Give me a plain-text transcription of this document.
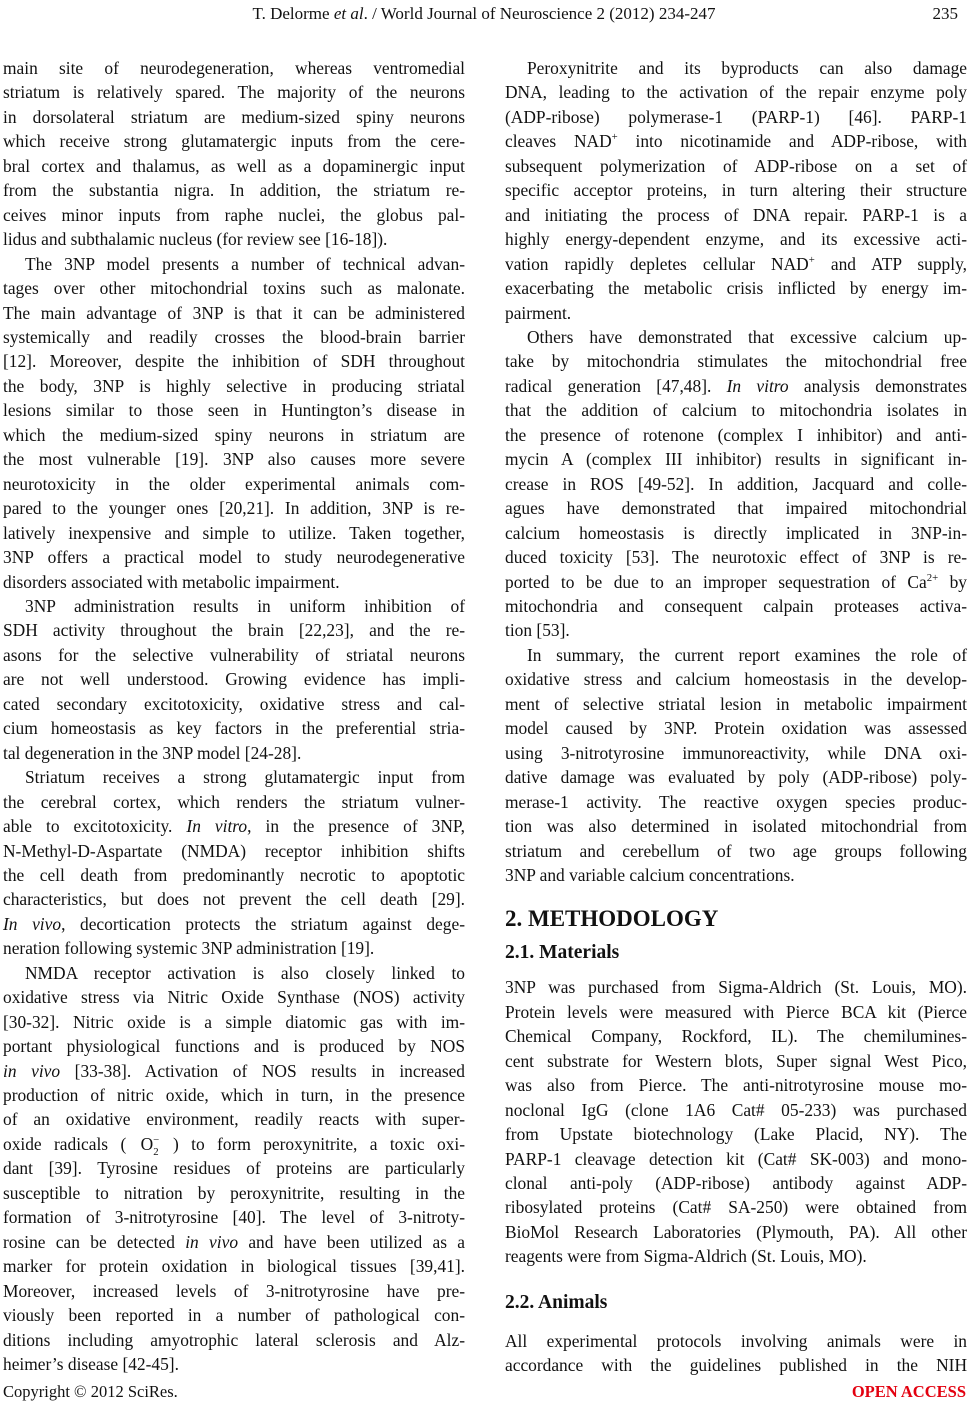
T. Delorme et al. / World Journal of Neuroscience 2 (2012) 234-247	235
main site of neurodegeneration, whereas ventromedial
striatum is relatively spared. The majority of the neurons
in dorsolateral striatum are medium-sized spiny neurons
which receive strong glutamatergic inputs from the cere-
bral cortex and thalamus, as well as a dopaminergic input
from the substantia nigra. In addition, the striatum re-
ceives minor inputs from raphe nuclei, the globus pal-
lidus and subthalamic nucleus (for review see [16-18]).
The 3NP model presents a number of technical advan-
tages over other mitochondrial toxins such as malonate.
The main advantage of 3NP is that it can be administered
systemically and readily crosses the blood-brain barrier
[12]. Moreover, despite the inhibition of SDH throughout
the body, 3NP is highly selective in producing striatal
lesions similar to those seen in Huntington’s disease in
which the medium-sized spiny neurons in striatum are
the most vulnerable [19]. 3NP also causes more severe
neurotoxicity in the older experimental animals com-
pared to the younger ones [20,21]. In addition, 3NP is re-
latively inexpensive and simple to utilize. Taken together,
3NP offers a practical model to study neurodegenerative
disorders associated with metabolic impairment.
3NP administration results in uniform inhibition of
SDH activity throughout the brain [22,23], and the re-
asons for the selective vulnerability of striatal neurons
are not well understood. Growing evidence has impli-
cated secondary excitotoxicity, oxidative stress and cal-
cium homeostasis as key factors in the preferential stria-
tal degeneration in the 3NP model [24-28].
Striatum receives a strong glutamatergic input from
the cerebral cortex, which renders the striatum vulner-
able to excitotoxicity. In vitro, in the presence of 3NP,
N-Methyl-D-Aspartate (NMDA) receptor inhibition shifts
the cell death from predominantly necrotic to apoptotic
characteristics, but does not prevent the cell death [29].
In vivo, decortication protects the striatum against dege-
neration following systemic 3NP administration [19].
NMDA receptor activation is also closely linked to
oxidative stress via Nitric Oxide Synthase (NOS) activity
[30-32]. Nitric oxide is a simple diatomic gas with im-
portant physiological functions and is produced by NOS
in vivo [33-38]. Activation of NOS results in increased
production of nitric oxide, which in turn, in the presence
of an oxidative environment, readily reacts with super-
oxide radicals ( $O^-_2$ ) to form peroxynitrite, a toxic oxi-
dant [39]. Tyrosine residues of proteins are particularly
susceptible to nitration by peroxynitrite, resulting in the
formation of 3-nitrotyrosine [40]. The level of 3-nitroty-
rosine can be detected in vivo and have been utilized as a
marker for protein oxidation in biological tissues [39,41].
Moreover, increased levels of 3-nitrotyrosine have pre-
viously been reported in a number of pathological con-
ditions including amyotrophic lateral sclerosis and Alz-
heimer’s disease [42-45].
Peroxynitrite and its byproducts can also damage
DNA, leading to the activation of the repair enzyme poly
(ADP-ribose) polymerase-1 (PARP-1) [46]. PARP-1
cleaves NAD+ into nicotinamide and ADP-ribose, with
subsequent polymerization of ADP-ribose on a set of
specific acceptor proteins, in turn altering their structure
and initiating the process of DNA repair. PARP-1 is a
highly energy-dependent enzyme, and its excessive acti-
vation rapidly depletes cellular NAD+ and ATP supply,
exacerbating the metabolic crisis inflicted by energy im-
pairment.
Others have demonstrated that excessive calcium up-
take by mitochondria stimulates the mitochondrial free
radical generation [47,48]. In vitro analysis demonstrates
that the addition of calcium to mitochondria isolates in
the presence of rotenone (complex I inhibitor) and anti-
mycin A (complex III inhibitor) results in significant in-
crease in ROS [49-52]. In addition, Jacquard and colle-
agues have demonstrated that impaired mitochondrial
calcium homeostasis is directly implicated in 3NP-in-
duced toxicity [53]. The neurotoxic effect of 3NP is re-
ported to be due to an improper sequestration of $Ca^{2+}$ by
mitochondria and consequent calpain proteases activa-
tion [53].
In summary, the current report examines the role of
oxidative stress and calcium homeostasis in the develop-
ment of selective striatal lesion in metabolic impairment
model caused by 3NP. Protein oxidation was assessed
using 3-nitrotyrosine immunoreactivity, while DNA oxi-
dative damage was evaluated by poly (ADP-ribose) poly-
merase-1 activity. The reactive oxygen species produc-
tion was also determined in isolated mitochondrial from
striatum and cerebellum of two age groups following
3NP and variable calcium concentrations.
2. METHODOLOGY
2.1. Materials
3NP was purchased from Sigma-Aldrich (St. Louis, MO).
Protein levels were measured with Pierce BCA kit (Pierce
Chemical Company, Rockford, IL). The chemilumines-
cent substrate for Western blots, Super signal West Pico,
was also from Pierce. The anti-nitrotyrosine mouse mo-
noclonal IgG (clone 1A6 Cat# 05-233) was purchased
from Upstate biotechnology (Lake Placid, NY). The
PARP-1 cleavage detection kit (Cat# SK-003) and mono-
clonal anti-poly (ADP-ribose) antibody against ADP-
ribosylated proteins (Cat# SA-250) were obtained from
BioMol Research Laboratories (Plymouth, PA). All other
reagents were from Sigma-Aldrich (St. Louis, MO).
2.2. Animals
All experimental protocols involving animals were in
accordance with the guidelines published in the NIH
Copyright © 2012 SciRes.	OPEN ACCESS
